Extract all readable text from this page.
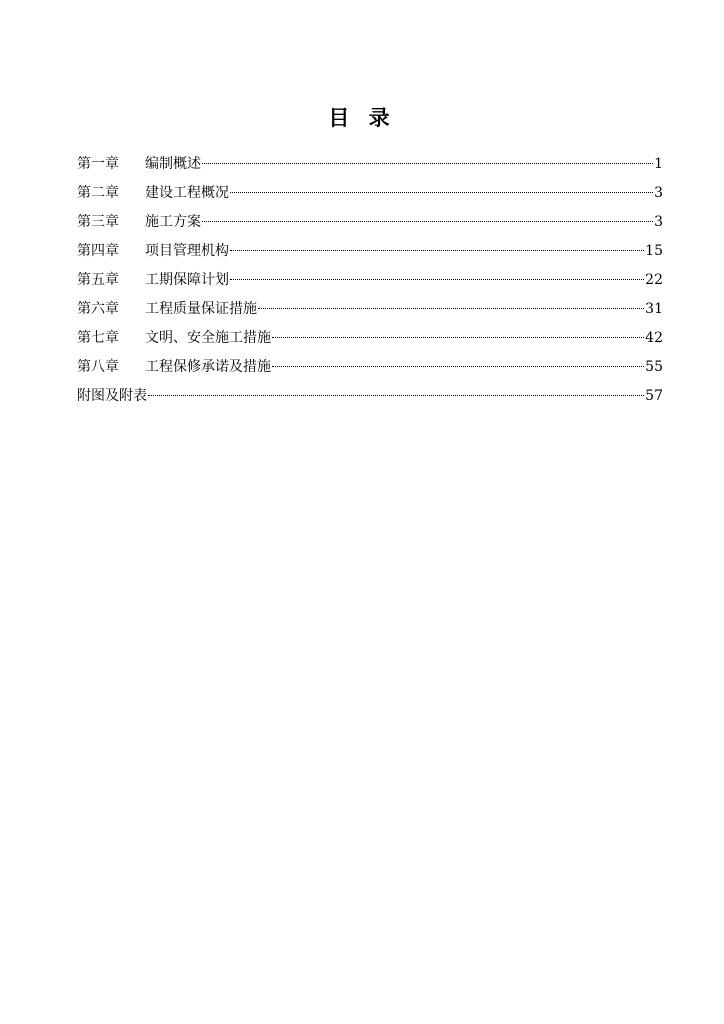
目 录
第一章	编制概述	1
第二章	建设工程概况	3
第三章	施工方案	3
第四章	项目管理机构	15
第五章	工期保障计划	22
第六章	工程质量保证措施	31
第七章	文明、安全施工措施	42
第八章	工程保修承诺及措施	55
附图及附表	57
